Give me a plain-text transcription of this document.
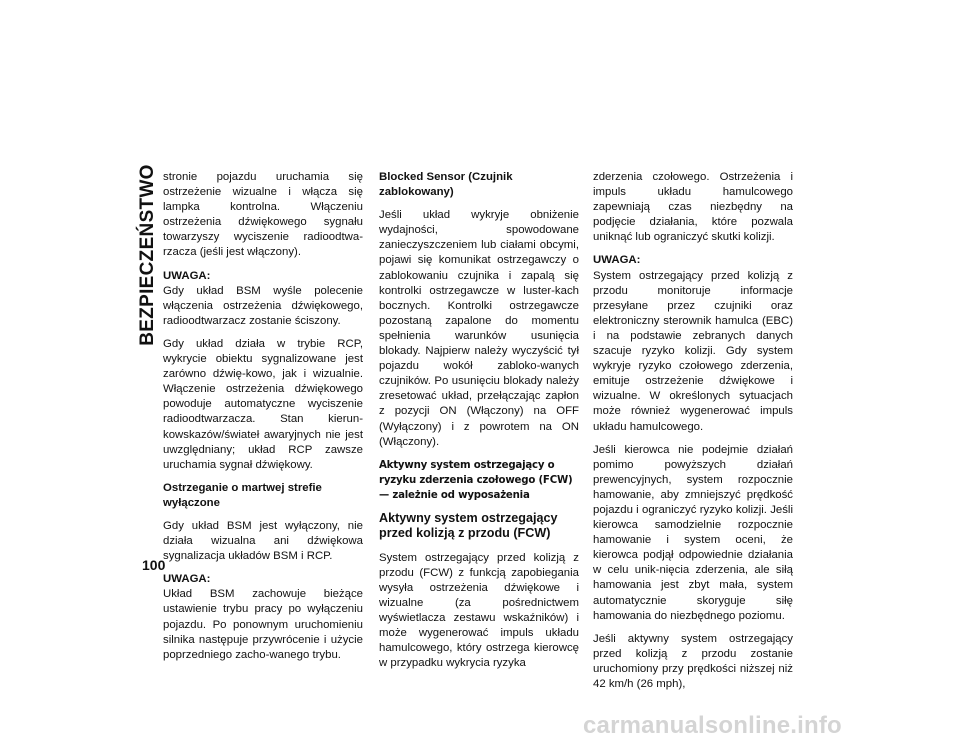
BEZPIECZEŃSTWO
100

stronie pojazdu uruchamia się ostrzeżenie wizualne i włącza się lampka kontrolna. Włączeniu ostrzeżenia dźwiękowego sygnału towarzyszy wyciszenie radioodtwa-rzacza (jeśli jest włączony).

UWAGA:

Gdy układ BSM wyśle polecenie włączenia ostrzeżenia dźwiękowego, radioodtwarzacz zostanie ściszony.

Gdy układ działa w trybie RCP, wykrycie obiektu sygnalizowane jest zarówno dźwię-kowo, jak i wizualnie. Włączenie ostrzeżenia dźwiękowego powoduje automatyczne wyciszenie radioodtwarzacza. Stan kierun-kowskazów/świateł awaryjnych nie jest uwzględniany; układ RCP zawsze uruchamia sygnał dźwiękowy.

Ostrzeganie o martwej strefie wyłączone

Gdy układ BSM jest wyłączony, nie działa wizualna ani dźwiękowa sygnalizacja układów BSM i RCP.

UWAGA:

Układ BSM zachowuje bieżące ustawienie trybu pracy po wyłączeniu pojazdu. Po ponownym uruchomieniu silnika następuje przywrócenie i użycie poprzedniego zacho-wanego trybu.

Blocked Sensor (Czujnik zablokowany)

Jeśli układ wykryje obniżenie wydajności, spowodowane zanieczyszczeniem lub ciałami obcymi, pojawi się komunikat ostrzegawczy o zablokowaniu czujnika i zapalą się kontrolki ostrzegawcze w luster-kach bocznych. Kontrolki ostrzegawcze pozostaną zapalone do momentu spełnienia warunków usunięcia blokady. Najpierw należy wyczyścić tył pojazdu wokół zabloko-wanych czujników. Po usunięciu blokady należy zresetować układ, przełączając zapłon z pozycji ON (Włączony) na OFF (Wyłączony) i z powrotem na ON (Włączony).

Aktywny system ostrzegający o ryzyku zderzenia czołowego (FCW) — zależnie od wyposażenia
Aktywny system ostrzegający przed kolizją z przodu (FCW)

System ostrzegający przed kolizją z przodu (FCW) z funkcją zapobiegania wysyła ostrzeżenia dźwiękowe i wizualne (za pośrednictwem wyświetlacza zestawu wskaźników) i może wygenerować impuls układu hamulcowego, który ostrzega kierowcę w przypadku wykrycia ryzyka

zderzenia czołowego. Ostrzeżenia i impuls układu hamulcowego zapewniają czas niezbędny na podjęcie działania, które pozwala uniknąć lub ograniczyć skutki kolizji.

UWAGA:

System ostrzegający przed kolizją z przodu monitoruje informacje przesyłane przez czujniki oraz elektroniczny sterownik hamulca (EBC) i na podstawie zebranych danych szacuje ryzyko kolizji. Gdy system wykryje ryzyko czołowego zderzenia, emituje ostrzeżenie dźwiękowe i wizualne. W określonych sytuacjach może również wygenerować impuls układu hamulcowego.

Jeśli kierowca nie podejmie działań pomimo powyższych działań prewencyjnych, system rozpocznie hamowanie, aby zmniejszyć prędkość pojazdu i ograniczyć ryzyko kolizji. Jeśli kierowca samodzielnie rozpocznie hamowanie i system oceni, że kierowca podjął odpowiednie działania w celu unik-nięcia zderzenia, ale siłą hamowania jest zbyt mała, system automatycznie skoryguje siłę hamowania do niezbędnego poziomu.

Jeśli aktywny system ostrzegający przed kolizją z przodu zostanie uruchomiony przy prędkości niższej niż 42 km/h (26 mph),

carmanualsonline.info
